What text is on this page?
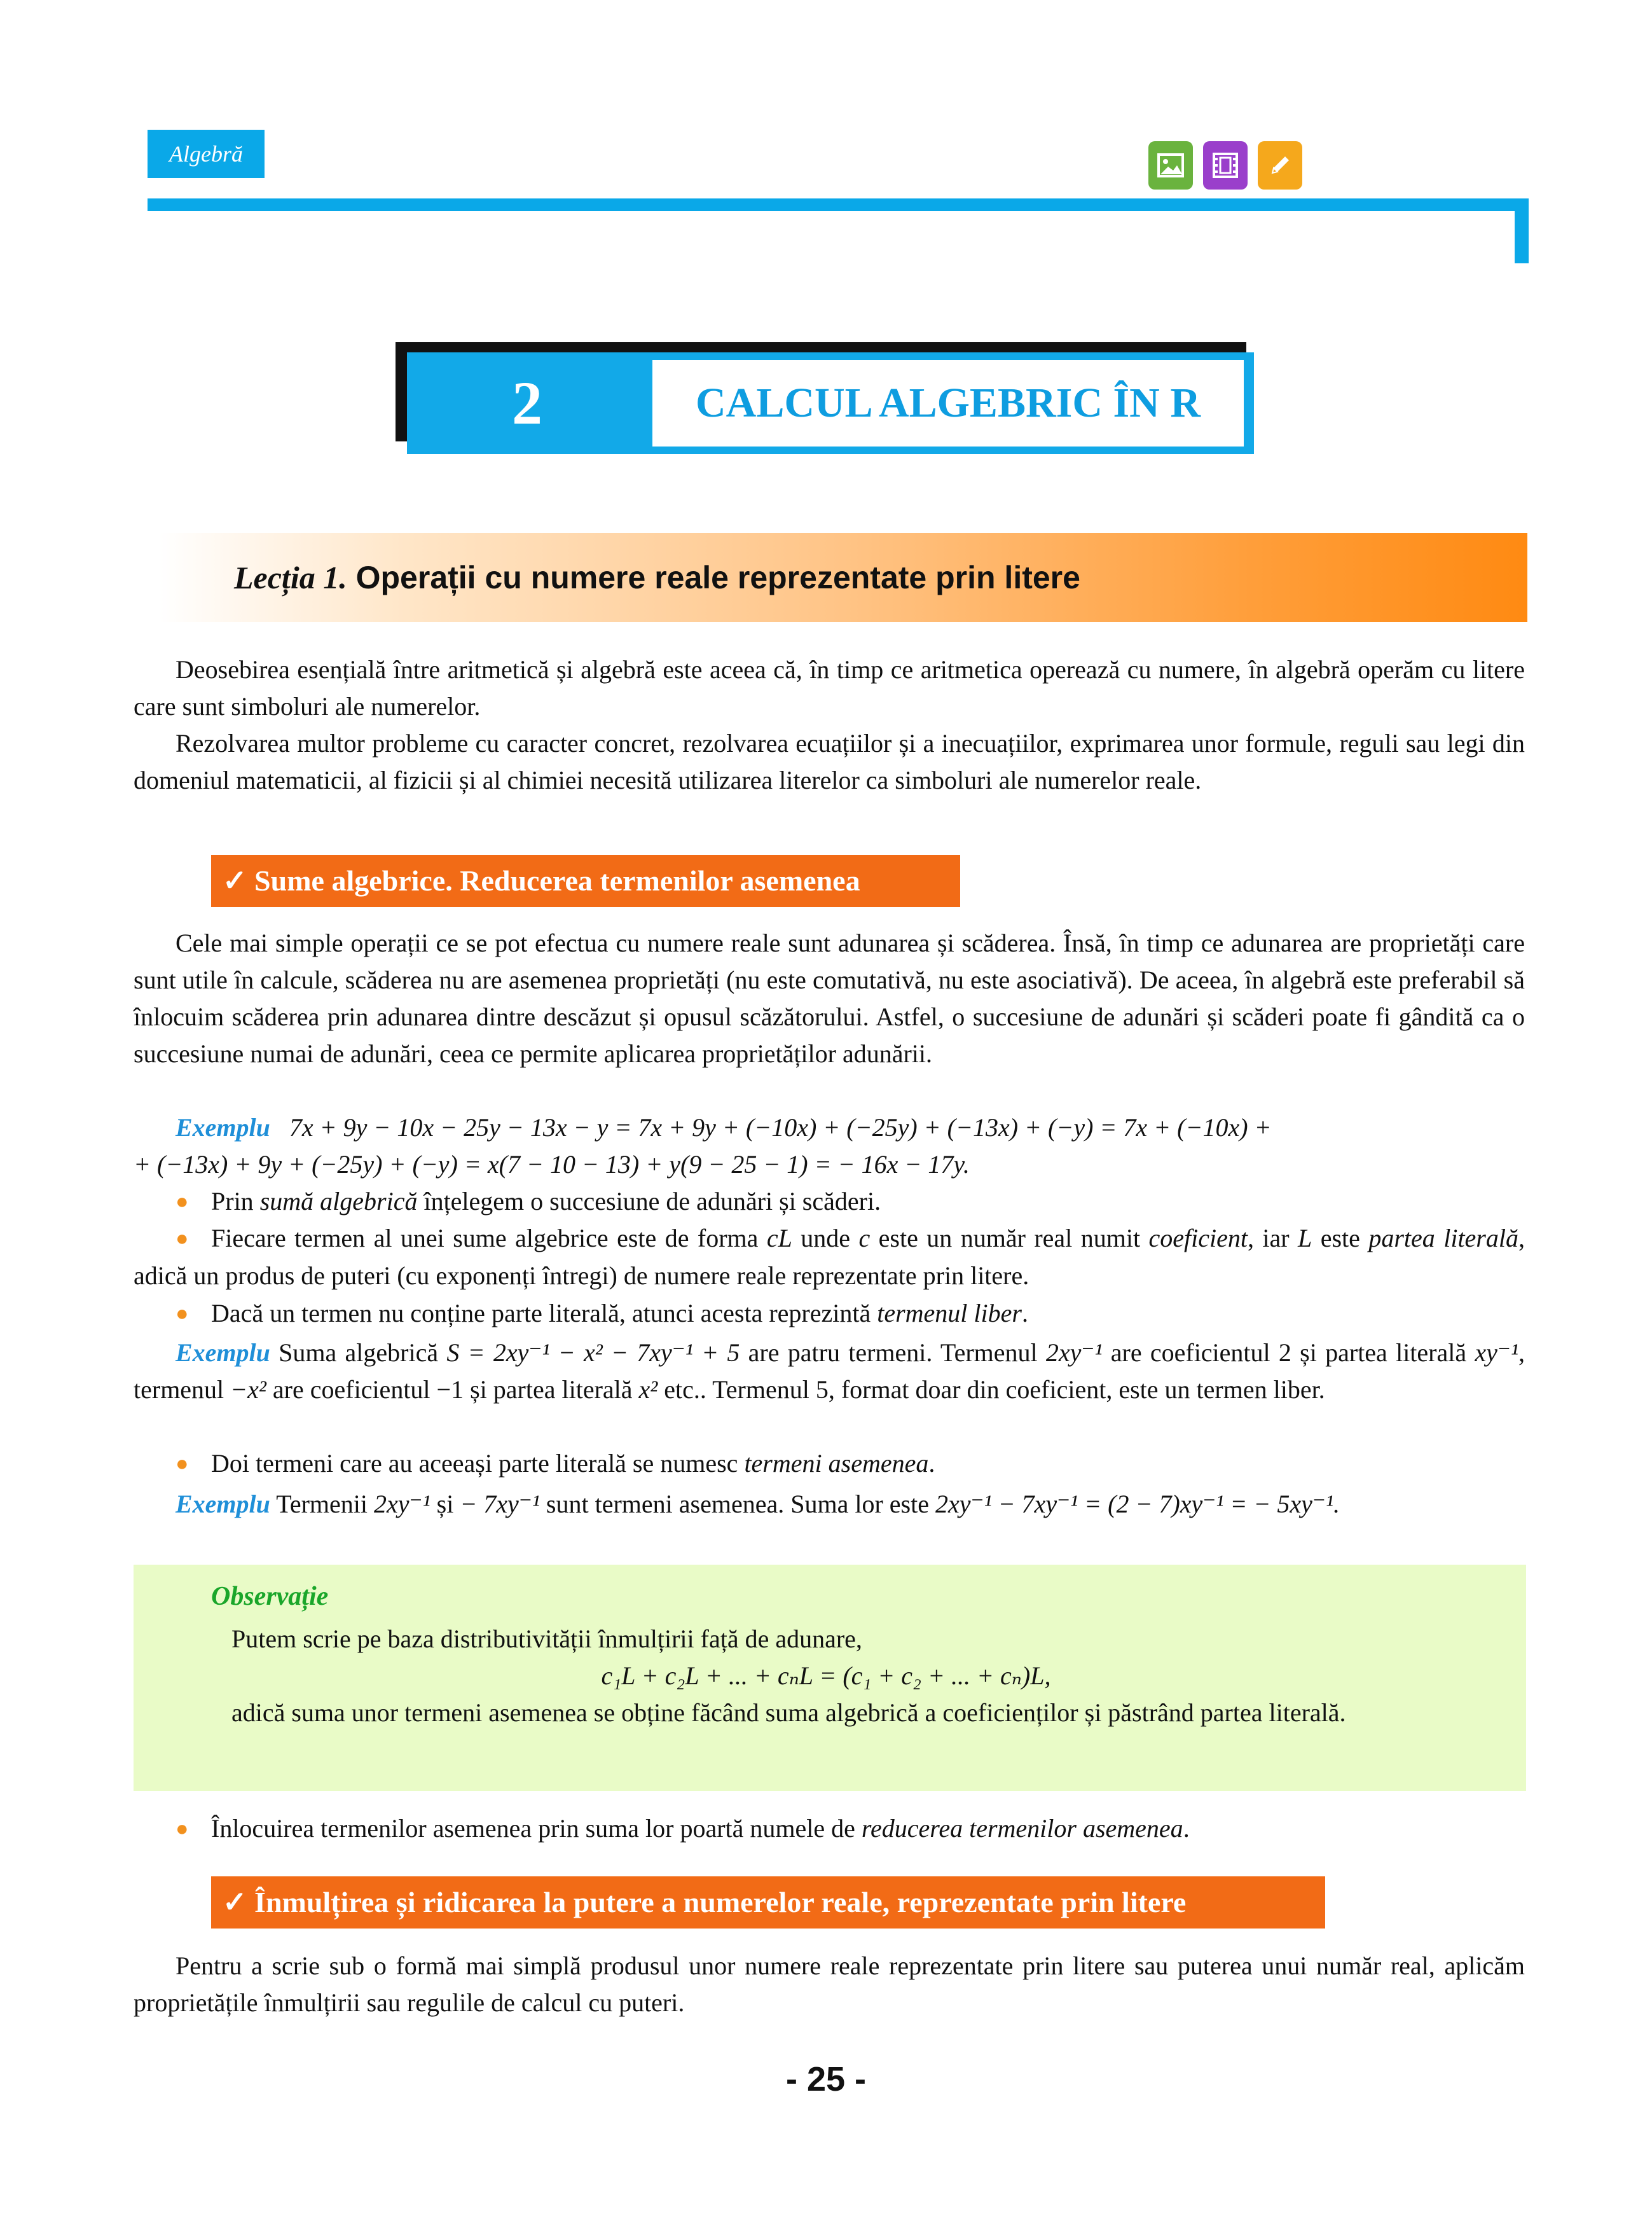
Algebră
2	CALCUL ALGEBRIC ÎN R
Lecția 1. Operații cu numere reale reprezentate prin litere

Deosebirea esențială între aritmetică și algebră este aceea că, în timp ce aritmetica operează cu numere, în algebră operăm cu litere care sunt simboluri ale numerelor.

Rezolvarea multor probleme cu caracter concret, rezolvarea ecuațiilor și a inecuațiilor, exprimarea unor formule, reguli sau legi din domeniul matematicii, al fizicii și al chimiei necesită utilizarea literelor ca simboluri ale numerelor reale.

✓ Sume algebrice. Reducerea termenilor asemenea

Cele mai simple operații ce se pot efectua cu numere reale sunt adunarea și scăderea. Însă, în timp ce adunarea are proprietăți care sunt utile în calcule, scăderea nu are asemenea proprietăți (nu este comutativă, nu este asociativă). De aceea, în algebră este preferabil să înlocuim scăderea prin adunarea dintre descăzut și opusul scăzătorului. Astfel, o succesiune de adunări și scăderi poate fi gândită ca o succesiune numai de adunări, ceea ce permite aplicarea proprietăților adunării.

Exemplu 7x + 9y − 10x − 25y − 13x − y = 7x + 9y + (−10x) + (−25y) + (−13x) + (−y) = 7x + (−10x) +

+ (−13x) + 9y + (−25y) + (−y) = x(7 − 10 − 13) + y(9 − 25 − 1) = − 16x − 17y.

● Prin sumă algebrică înțelegem o succesiune de adunări și scăderi.

● Fiecare termen al unei sume algebrice este de forma cL unde c este un număr real numit coeficient, iar L este partea literală, adică un produs de puteri (cu exponenți întregi) de numere reale reprezentate prin litere.

● Dacă un termen nu conține parte literală, atunci acesta reprezintă termenul liber.

Exemplu Suma algebrică S = 2xy⁻¹ − x² − 7xy⁻¹ + 5 are patru termeni. Termenul 2xy⁻¹ are coeficientul 2 și partea literală xy⁻¹, termenul −x² are coeficientul −1 și partea literală x² etc.. Termenul 5, format doar din coeficient, este un termen liber.

● Doi termeni care au aceeași parte literală se numesc termeni asemenea.

Exemplu Termenii 2xy⁻¹ și − 7xy⁻¹ sunt termeni asemenea. Suma lor este 2xy⁻¹ − 7xy⁻¹ = (2 − 7)xy⁻¹ = − 5xy⁻¹.

Observație
Putem scrie pe baza distributivității înmulțirii față de adunare,
c₁L + c₂L + ... + cₙL = (c₁ + c₂ + ... + cₙ)L,
adică suma unor termeni asemenea se obține făcând suma algebrică a coeficienților și păstrând partea literală.

● Înlocuirea termenilor asemenea prin suma lor poartă numele de reducerea termenilor asemenea.

✓ Înmulțirea și ridicarea la putere a numerelor reale, reprezentate prin litere

Pentru a scrie sub o formă mai simplă produsul unor numere reale reprezentate prin litere sau puterea unui număr real, aplicăm proprietățile înmulțirii sau regulile de calcul cu puteri.

- 25 -
